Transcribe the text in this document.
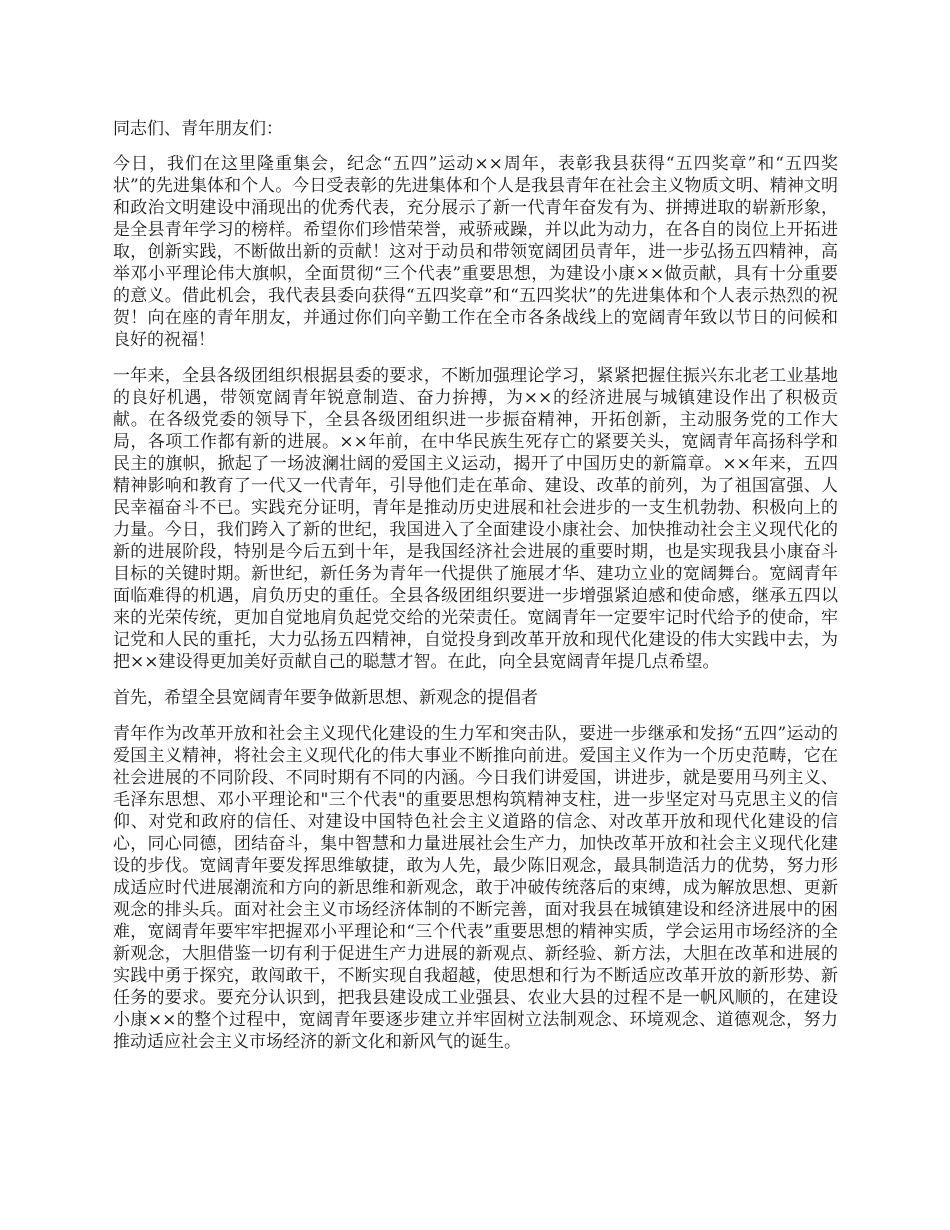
同志们、青年朋友们：

今日，我们在这里隆重集会，纪念“五四”运动××周年，表彰我县获得“五四奖章”和“五四奖状”的先进集体和个人。今日受表彰的先进集体和个人是我县青年在社会主义物质文明、精神文明和政治文明建设中涌现出的优秀代表，充分展示了新一代青年奋发有为、拼搏进取的崭新形象，是全县青年学习的榜样。希望你们珍惜荣誉，戒骄戒躁，并以此为动力，在各自的岗位上开拓进取，创新实践，不断做出新的贡献！这对于动员和带领宽阔团员青年，进一步弘扬五四精神，高举邓小平理论伟大旗帜，全面贯彻“三个代表”重要思想，为建设小康××做贡献，具有十分重要的意义。借此机会，我代表县委向获得“五四奖章”和“五四奖状”的先进集体和个人表示热烈的祝贺！向在座的青年朋友，并通过你们向辛勤工作在全市各条战线上的宽阔青年致以节日的问候和良好的祝福！

一年来，全县各级团组织根据县委的要求，不断加强理论学习，紧紧把握住振兴东北老工业基地的良好机遇，带领宽阔青年锐意制造、奋力拚搏，为××的经济进展与城镇建设作出了积极贡献。在各级党委的领导下，全县各级团组织进一步振奋精神，开拓创新，主动服务党的工作大局，各项工作都有新的进展。××年前，在中华民族生死存亡的紧要关头，宽阔青年高扬科学和民主的旗帜，掀起了一场波澜壮阔的爱国主义运动，揭开了中国历史的新篇章。××年来，五四精神影响和教育了一代又一代青年，引导他们走在革命、建设、改革的前列，为了祖国富强、人民幸福奋斗不已。实践充分证明，青年是推动历史进展和社会进步的一支生机勃勃、积极向上的力量。今日，我们跨入了新的世纪，我国进入了全面建设小康社会、加快推动社会主义现代化的新的进展阶段，特别是今后五到十年，是我国经济社会进展的重要时期，也是实现我县小康奋斗目标的关键时期。新世纪，新任务为青年一代提供了施展才华、建功立业的宽阔舞台。宽阔青年面临难得的机遇，肩负历史的重任。全县各级团组织要进一步增强紧迫感和使命感，继承五四以来的光荣传统，更加自觉地肩负起党交给的光荣责任。宽阔青年一定要牢记时代给予的使命，牢记党和人民的重托，大力弘扬五四精神，自觉投身到改革开放和现代化建设的伟大实践中去，为把××建设得更加美好贡献自己的聪慧才智。在此，向全县宽阔青年提几点希望。

首先，希望全县宽阔青年要争做新思想、新观念的提倡者

青年作为改革开放和社会主义现代化建设的生力军和突击队，要进一步继承和发扬“五四”运动的爱国主义精神，将社会主义现代化的伟大事业不断推向前进。爱国主义作为一个历史范畴，它在社会进展的不同阶段、不同时期有不同的内涵。今日我们讲爱国，讲进步，就是要用马列主义、毛泽东思想、邓小平理论和"三个代表"的重要思想构筑精神支柱，进一步坚定对马克思主义的信仰、对党和政府的信任、对建设中国特色社会主义道路的信念、对改革开放和现代化建设的信心，同心同德，团结奋斗，集中智慧和力量进展社会生产力，加快改革开放和社会主义现代化建设的步伐。宽阔青年要发挥思维敏捷，敢为人先，最少陈旧观念，最具制造活力的优势，努力形成适应时代进展潮流和方向的新思维和新观念，敢于冲破传统落后的束缚，成为解放思想、更新观念的排头兵。面对社会主义市场经济体制的不断完善，面对我县在城镇建设和经济进展中的困难，宽阔青年要牢牢把握邓小平理论和“三个代表”重要思想的精神实质，学会运用市场经济的全新观念，大胆借鉴一切有利于促进生产力进展的新观点、新经验、新方法，大胆在改革和进展的实践中勇于探究，敢闯敢干，不断实现自我超越，使思想和行为不断适应改革开放的新形势、新任务的要求。要充分认识到，把我县建设成工业强县、农业大县的过程不是一帆风顺的，在建设小康××的整个过程中，宽阔青年要逐步建立并牢固树立法制观念、环境观念、道德观念，努力推动适应社会主义市场经济的新文化和新风气的诞生。
